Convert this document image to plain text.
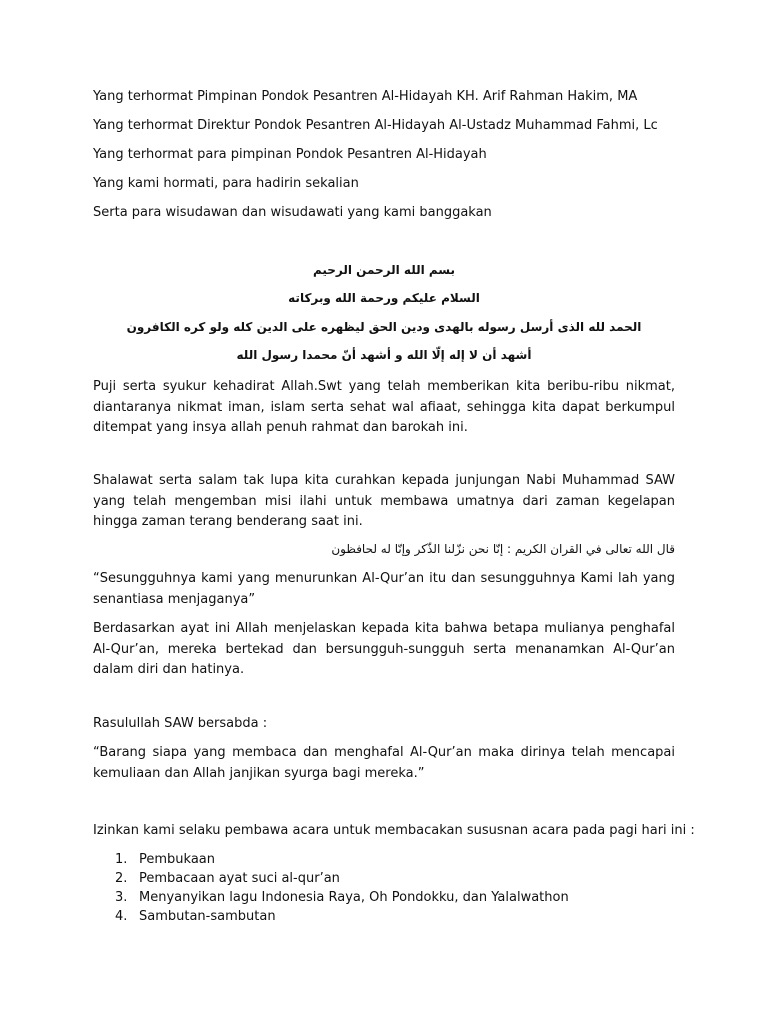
Yang terhormat Pimpinan Pondok Pesantren Al-Hidayah KH. Arif Rahman Hakim, MA
Yang terhormat Direktur Pondok Pesantren Al-Hidayah Al-Ustadz Muhammad Fahmi, Lc
Yang terhormat para pimpinan Pondok Pesantren Al-Hidayah
Yang kami hormati, para hadirin sekalian
Serta para wisudawan dan wisudawati yang kami banggakan
بسم الله الرحمن الرحيم
السلام عليكم ورحمة الله وبركاته
الحمد لله الذى أرسل رسوله بالهدى ودين الحق ليظهره على الدين كله ولو كره الكافرون
أشهد أن لا إله إلّا الله و أشهد أنّ محمدا رسول الله
Puji serta syukur kehadirat Allah.Swt yang telah memberikan kita beribu-ribu nikmat, diantaranya nikmat iman, islam serta sehat wal afiaat, sehingga kita dapat berkumpul ditempat yang insya allah penuh rahmat dan barokah ini.
Shalawat serta salam tak lupa kita curahkan kepada junjungan Nabi Muhammad SAW yang telah mengemban misi ilahi untuk membawa umatnya dari zaman kegelapan hingga zaman terang benderang saat ini.
قال الله تعالى في القران الكريم : إنّا نحن نزّلنا الذّكر وإنّا له لحافظون
“Sesungguhnya kami yang menurunkan Al-Qur’an itu dan sesungguhnya Kami lah yang senantiasa menjaganya”
Berdasarkan ayat ini Allah menjelaskan kepada kita bahwa betapa mulianya penghafal Al-Qur’an, mereka bertekad dan bersungguh-sungguh serta menanamkan Al-Qur’an dalam diri dan hatinya.
Rasulullah SAW bersabda :
“Barang siapa yang membaca dan menghafal Al-Qur’an maka dirinya telah mencapai kemuliaan dan Allah janjikan syurga bagi mereka.”
Izinkan kami selaku pembawa acara untuk membacakan sususnan acara pada pagi hari ini :
1. Pembukaan
2. Pembacaan ayat suci al-qur’an
3. Menyanyikan lagu Indonesia Raya, Oh Pondokku, dan Yalalwathon
4. Sambutan-sambutan
